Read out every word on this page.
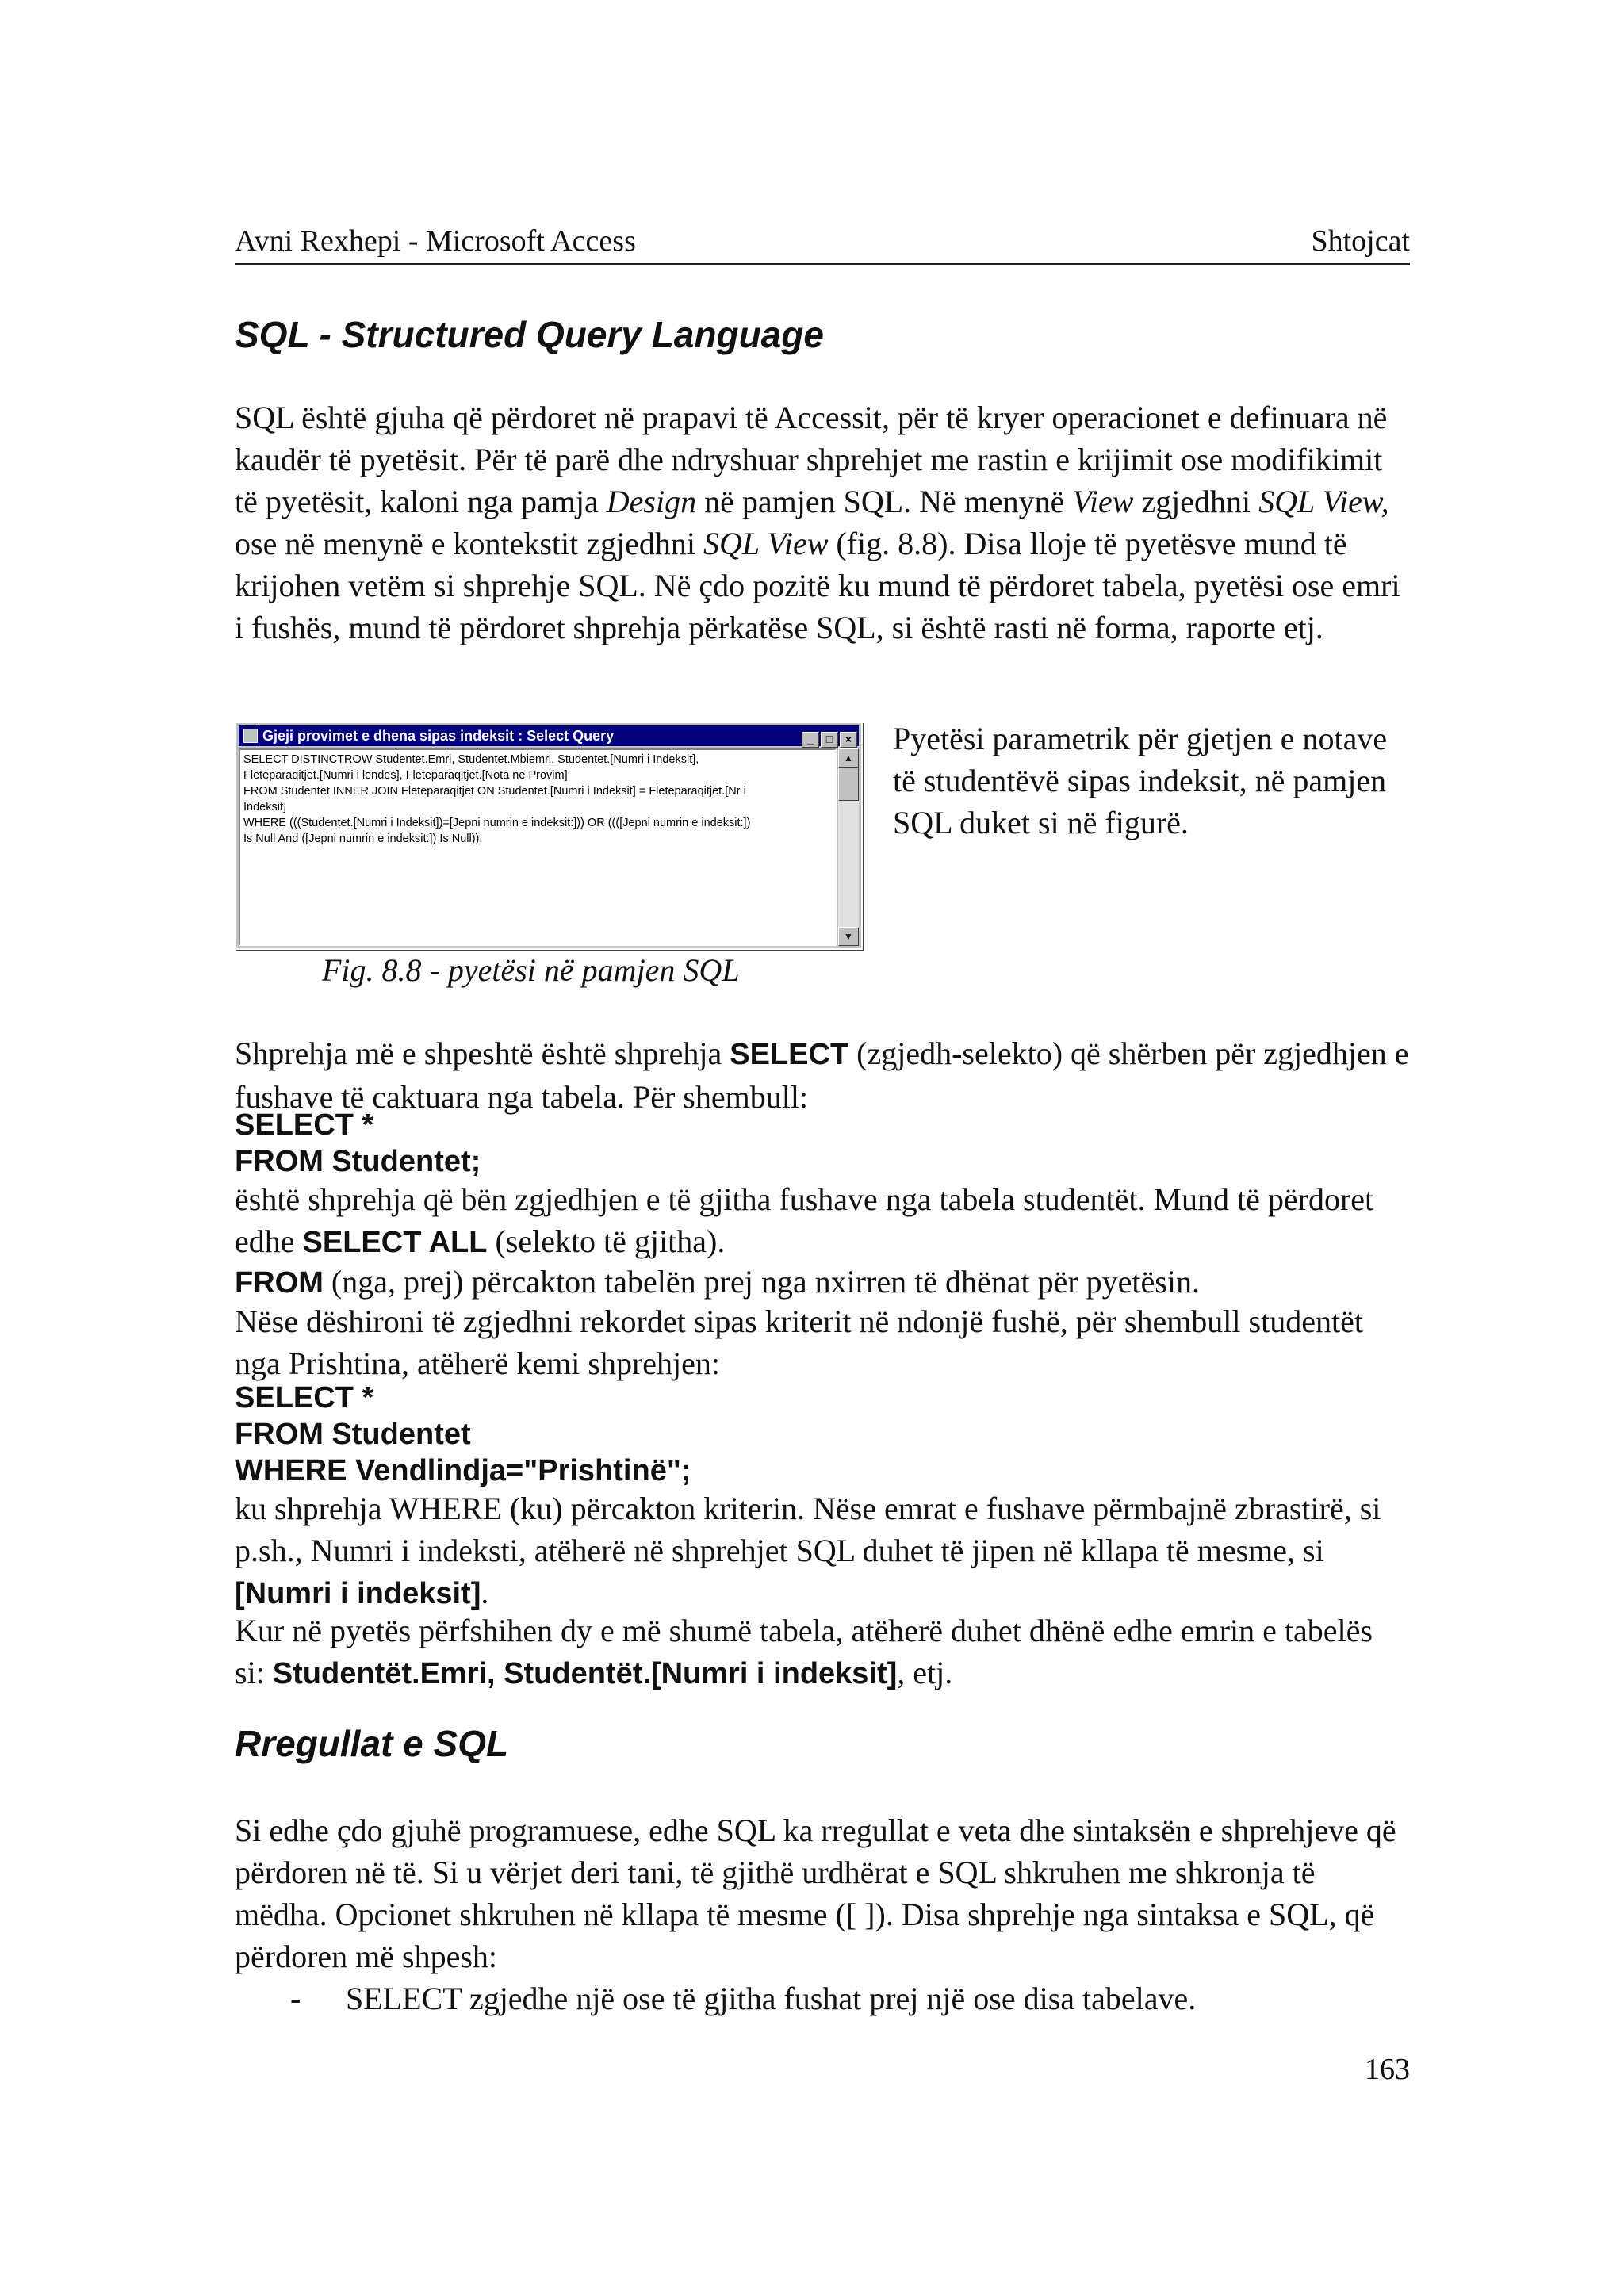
Avni Rexhepi - Microsoft Access	Shtojcat
SQL - Structured Query Language
SQL është gjuha që përdoret në prapavi të Accessit, për të kryer operacionet e definuara në kaudër të pyetësit. Për të parë dhe ndryshuar shprehjet me rastin e krijimit ose modifikimit të pyetësit, kaloni nga pamja Design në pamjen SQL. Në menynë View zgjedhni SQL View, ose në menynë e kontekstit zgjedhni SQL View (fig. 8.8). Disa lloje të pyetësve mund të krijohen vetëm si shprehje SQL. Në çdo pozitë ku mund të përdoret tabela, pyetësi ose emri i fushës, mund të përdoret shprehja përkatëse SQL, si është rasti në forma, raporte etj.
Gjeji provimet e dhena sipas indeksit : Select Query	_ □ ×
SELECT DISTINCTROW Studentet.Emri, Studentet.Mbiemri, Studentet.[Numri i Indeksit],
Fleteparaqitjet.[Numri i lendes], Fleteparaqitjet.[Nota ne Provim]
FROM Studentet INNER JOIN Fleteparaqitjet ON Studentet.[Numri i Indeksit] = Fleteparaqitjet.[Nr i
Indeksit]
WHERE (((Studentet.[Numri i Indeksit])=[Jepni numrin e indeksit:])) OR ((([Jepni numrin e indeksit:])
Is Null And ([Jepni numrin e indeksit:]) Is Null));
▲
▼
Pyetësi parametrik për gjetjen e notave të studentëvë sipas indeksit, në pamjen SQL duket si në figurë.
Fig. 8.8 - pyetësi në pamjen SQL
Shprehja më e shpeshtë është shprehja SELECT (zgjedh-selekto) që shërben për zgjedhjen e fushave të caktuara nga tabela. Për shembull:
SELECT *
FROM Studentet;
është shprehja që bën zgjedhjen e të gjitha fushave nga tabela studentët. Mund të përdoret edhe SELECT ALL (selekto të gjitha).
FROM (nga, prej) përcakton tabelën prej nga nxirren të dhënat për pyetësin.
Nëse dëshironi të zgjedhni rekordet sipas kriterit në ndonjë fushë, për shembull studentët nga Prishtina, atëherë kemi shprehjen:
SELECT *
FROM Studentet
WHERE Vendlindja="Prishtinë";
ku shprehja WHERE (ku) përcakton kriterin. Nëse emrat e fushave përmbajnë zbrastirë, si p.sh., Numri i indeksti, atëherë në shprehjet SQL duhet të jipen në kllapa të mesme, si [Numri i indeksit].
Kur në pyetës përfshihen dy e më shumë tabela, atëherë duhet dhënë edhe emrin e tabelës si: Studentët.Emri, Studentët.[Numri i indeksit], etj.
Rregullat e SQL
Si edhe çdo gjuhë programuese, edhe SQL ka rregullat e veta dhe sintaksën e shprehjeve që përdoren në të. Si u vërjet deri tani, të gjithë urdhërat e SQL shkruhen me shkronja të mëdha. Opcionet shkruhen në kllapa të mesme ([ ]). Disa shprehje nga sintaksa e SQL, që përdoren më shpesh:
- SELECT zgjedhe një ose të gjitha fushat prej një ose disa tabelave.
163
